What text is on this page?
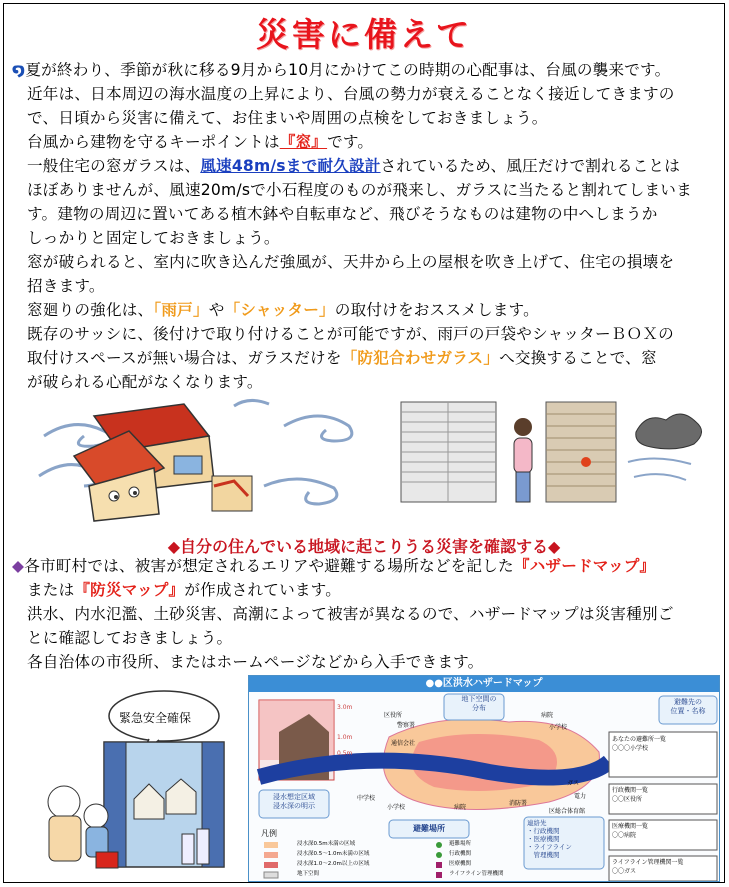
災害に備えて
໑夏が終わり、季節が秋に移る9月から10月にかけてこの時期の心配事は、台風の襲来です。
近年は、日本周辺の海水温度の上昇により、台風の勢力が衰えることなく接近してきますの
で、日頃から災害に備えて、お住まいや周囲の点検をしておきましょう。
台風から建物を守るキーポイントは『窓』です。
一般住宅の窓ガラスは、風速48m/sまで耐久設計されているため、風圧だけで割れることは
ほぼありませんが、風速20m/sで小石程度のものが飛来し、ガラスに当たると割れてしまいま
す。建物の周辺に置いてある植木鉢や自転車など、飛びそうなものは建物の中へしまうか
しっかりと固定しておきましょう。
窓が破られると、室内に吹き込んだ強風が、天井から上の屋根を吹き上げて、住宅の損壊を
招きます。
窓廻りの強化は、「雨戸」や「シャッター」の取付けをおススメします。
既存のサッシに、後付けで取り付けることが可能ですが、雨戸の戸袋やシャッターＢＯＸの
取付けスペースが無い場合は、ガラスだけを「防犯合わせガラス」へ交換することで、窓
が破られる心配がなくなります。
◆自分の住んでいる地域に起こりうる災害を確認する◆
◆各市町村では、被害が想定されるエリアや避難する場所などを記した『ハザードマップ』
または『防災マップ』が作成されています。
洪水、内水氾濫、土砂災害、高潮によって被害が異なるので、ハザードマップは災害種別ご
とに確認しておきましょう。
各自治体の市役所、またはホームページなどから入手できます。
緊急安全確保
●●区洪水ハザードマップ
地下空間の
分布
避難先の
位置・名称
浸水想定区域
浸水深の明示
避難場所
連絡先
・行政機関
・医療機関
・ライフライン
　管理機関
あなたの避難所一覧
〇〇〇小学校
行政機関一覧
〇〇区役所
医療機関一覧
〇〇病院
ライフライン管理機関一覧
〇〇ガス
凡例
浸水深0.5m未満の区域
浸水深0.5〜1.0m未満の区域
浸水深1.0〜2.0m以上の区域
地下空間
避難場所
行政機関
医療機関
ライフライン管理機関
3.0m
1.0m
0.5m
区役所
警察署
通信会社
小学校
病院
ガス
電力
中学校
小学校	病院
消防署
区総合体育館
